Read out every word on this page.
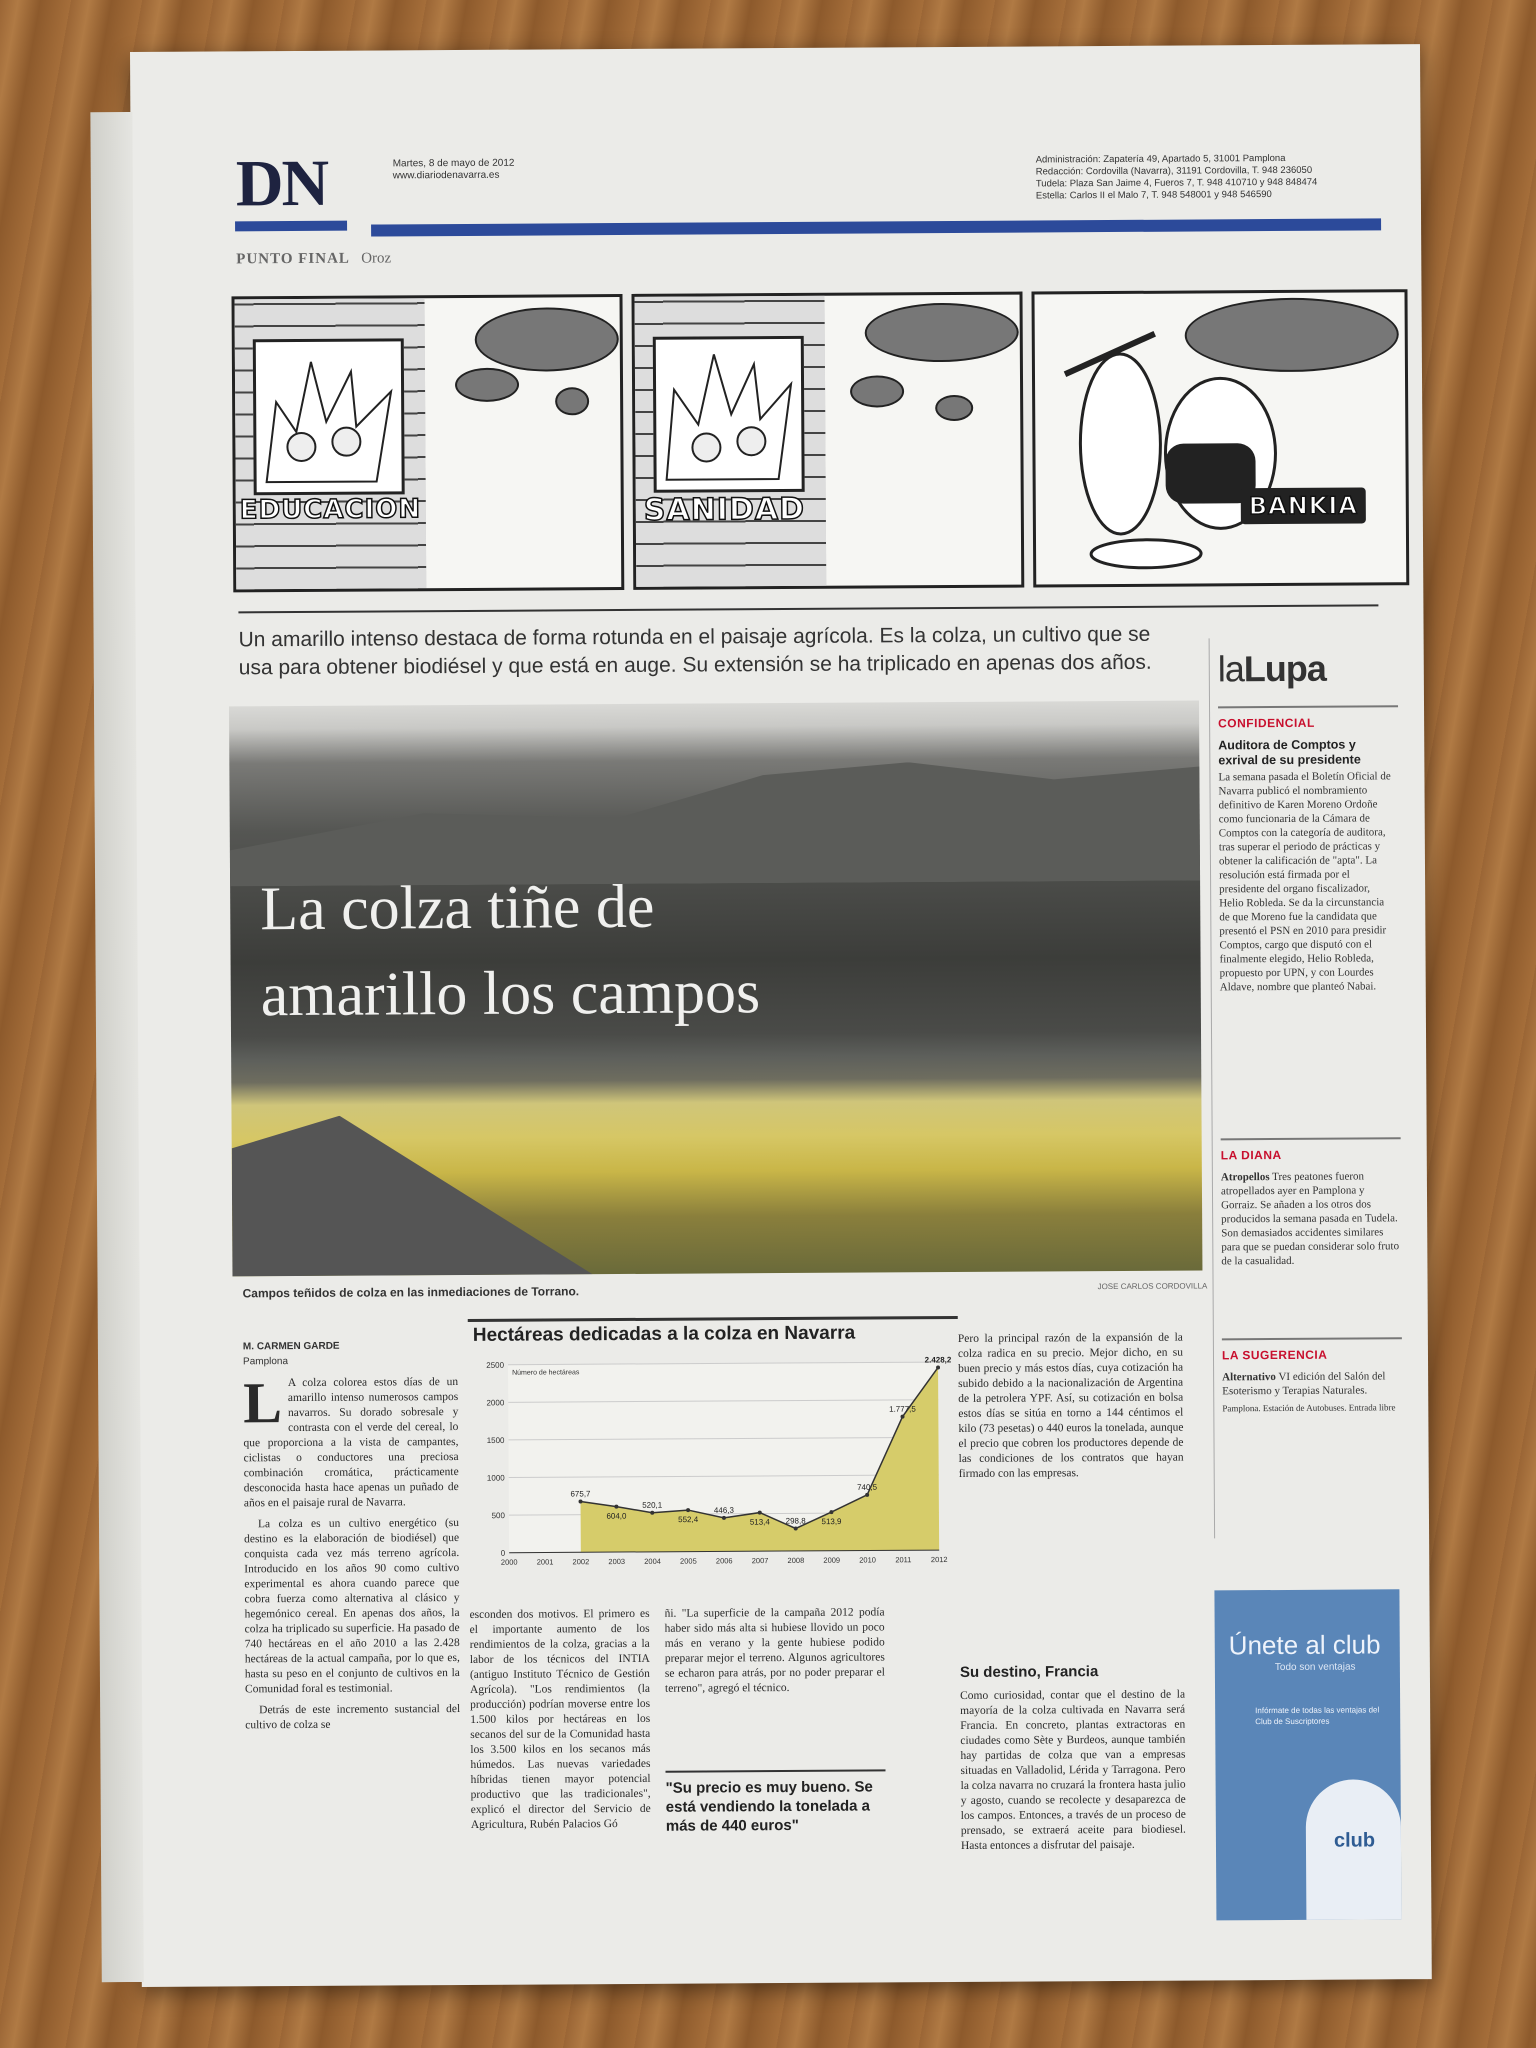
DN	Martes, 8 de mayo de 2012
www.diariodenavarra.es
Administración: Zapatería 49, Apartado 5, 31001 Pamplona
Redacción: Cordovilla (Navarra), 31191 Cordovilla, T. 948 236050
Tudela: Plaza San Jaime 4, Fueros 7, T. 948 410710 y 948 848474
Estella: Carlos II el Malo 7, T. 948 548001 y 948 546590
PUNTO FINAL Oroz
EDUCACION	SANIDAD	BANKIA
Un amarillo intenso destaca de forma rotunda en el paisaje agrícola. Es la colza, un cultivo que se usa para obtener biodiésel y que está en auge. Su extensión se ha triplicado en apenas dos años.
La colza tiñe de
amarillo los campos
Campos teñidos de colza en las inmediaciones de Torrano.	JOSE CARLOS CORDOVILLA
M. CARMEN GARDE
Pamplona
L A colza colorea estos días de un amarillo intenso numerosos campos navarros. Su dorado sobresale y contrasta con el verde del cereal, lo que proporciona a la vista de campantes, ciclistas o conductores una preciosa combinación cromática, prácticamente desconocida hasta hace apenas un puñado de años en el paisaje rural de Navarra.

La colza es un cultivo energético (su destino es la elaboración de biodiésel) que conquista cada vez más terreno agrícola. Introducido en los años 90 como cultivo experimental es ahora cuando parece que cobra fuerza como alternativa al clásico y hegemónico cereal. En apenas dos años, la colza ha triplicado su superficie. Ha pasado de 740 hectáreas en el año 2010 a las 2.428 hectáreas de la actual campaña, por lo que es, hasta su peso en el conjunto de cultivos en la Comunidad foral es testimonial.

Detrás de este incremento sustancial del cultivo de colza se

Hectáreas dedicadas a la colza en Navarra
0
500
1000
1500
2000
2500
Número de hectáreas
675,7
604,0
520,1
552,4
446,3
513,4 298,8 513,9
740,5
1.777,5
2.428,2
2000	2001	2002	2003	2004	2005	2006	2007	2008	2009	2010	2011	2012
esconden dos motivos. El primero es el importante aumento de los rendimientos de la colza, gracias a la labor de los técnicos del INTIA (antiguo Instituto Técnico de Gestión Agrícola). "Los rendimientos (la producción) podrían moverse entre los 1.500 kilos por hectáreas en los secanos del sur de la Comunidad hasta los 3.500 kilos en los secanos más húmedos. Las nuevas variedades híbridas tienen mayor potencial productivo que las tradicionales", explicó el director del Servicio de Agricultura, Rubén Palacios Gó
ñi. "La superficie de la campaña 2012 podía haber sido más alta si hubiese llovido un poco más en verano y la gente hubiese podido preparar mejor el terreno. Algunos agricultores se echaron para atrás, por no poder preparar el terreno", agregó el técnico.
"Su precio es muy bueno. Se está vendiendo la tonelada a más de 440 euros"
Pero la principal razón de la expansión de la colza radica en su precio. Mejor dicho, en su buen precio y más estos días, cuya cotización ha subido debido a la nacionalización de Argentina de la petrolera YPF. Así, su cotización en bolsa estos días se sitúa en torno a 144 céntimos el kilo (73 pesetas) o 440 euros la tonelada, aunque el precio que cobren los productores depende de las condiciones de los contratos que hayan firmado con las empresas.
Su destino, Francia
Como curiosidad, contar que el destino de la mayoría de la colza cultivada en Navarra será Francia. En concreto, plantas extractoras en ciudades como Sète y Burdeos, aunque también hay partidas de colza que van a empresas situadas en Valladolid, Lérida y Tarragona. Pero la colza navarra no cruzará la frontera hasta julio y agosto, cuando se recolecte y desaparezca de los campos. Entonces, a través de un proceso de prensado, se extraerá aceite para biodiesel. Hasta entonces a disfrutar del paisaje.
laLupa
CONFIDENCIAL
Auditora de Comptos y exrival de su presidente
La semana pasada el Boletín Oficial de Navarra publicó el nombramiento definitivo de Karen Moreno Ordoñe como funcionaria de la Cámara de Comptos con la categoría de auditora, tras superar el periodo de prácticas y obtener la calificación de "apta". La resolución está firmada por el presidente del organo fiscalizador, Helio Robleda. Se da la circunstancia de que Moreno fue la candidata que presentó el PSN en 2010 para presidir Comptos, cargo que disputó con el finalmente elegido, Helio Robleda, propuesto por UPN, y con Lourdes Aldave, nombre que planteó Nabai.
LA DIANA
Atropellos Tres peatones fueron atropellados ayer en Pamplona y Gorraiz. Se añaden a los otros dos producidos la semana pasada en Tudela. Son demasiados accidentes similares para que se puedan considerar solo fruto de la casualidad.
LA SUGERENCIA
Alternativo VI edición del Salón del Esoterismo y Terapias Naturales.
Pamplona. Estación de Autobuses. Entrada libre
Únete al club
Todo son ventajas
Infórmate de todas las ventajas del Club de Suscriptores
club
